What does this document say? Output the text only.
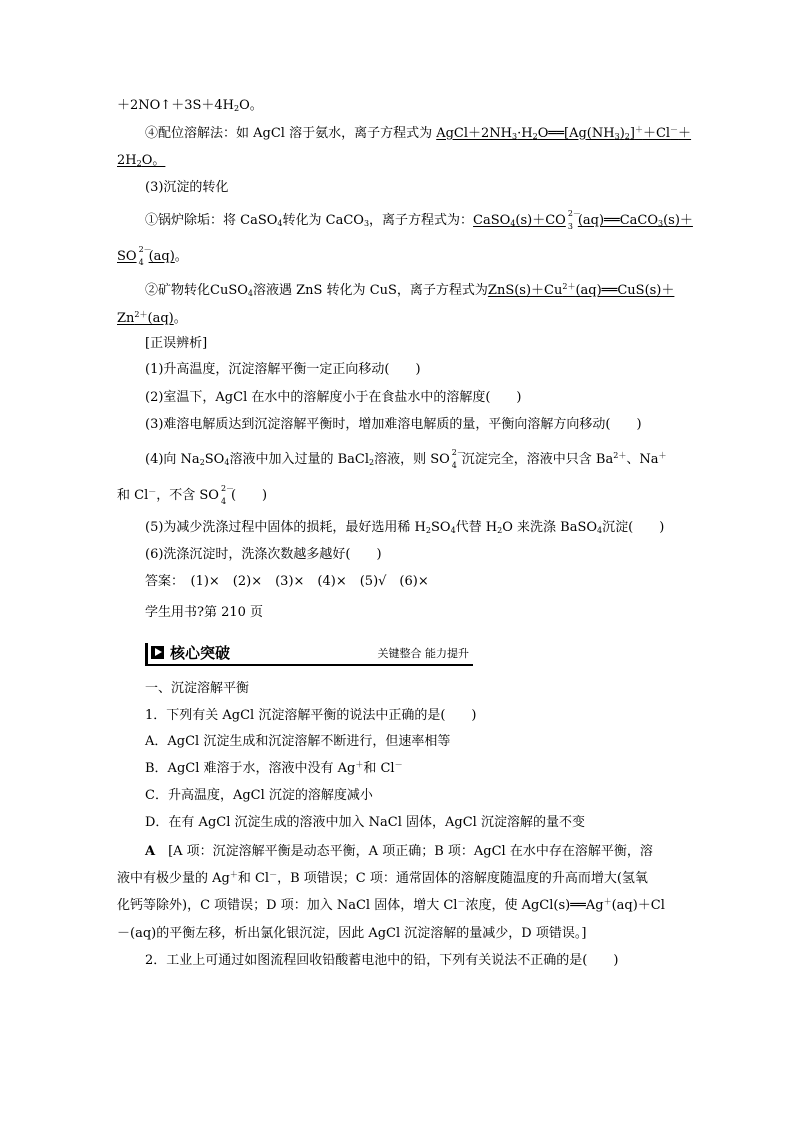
$+2NO↑+3S+4H_2O$。
④配位溶解法：如 AgCl 溶于氨水，离子方程式为 $AgCl+2NH_3\cdot H_2O══[Ag(NH_3)_2]^++Cl^-+$
$2H_2O$。
(3)沉淀的转化
①锅炉除垢：将 CaSO$_4$转化为 CaCO$_3$，离子方程式为：CaSO$_4$(s)＋CO 2－
3 (aq)══CaCO$_3$(s)＋
SO 2－
4 (aq)。
②矿物转化CuSO$_4$溶液遇 ZnS 转化为 CuS，离子方程式为$ZnS(s)+Cu^{2+}(aq)══CuS(s)+$
$Zn^{2+}(aq)$。
[正误辨析]
(1)升高温度，沉淀溶解平衡一定正向移动(　　)
(2)室温下，AgCl 在水中的溶解度小于在食盐水中的溶解度(　　)
(3)难溶电解质达到沉淀溶解平衡时，增加难溶电解质的量，平衡向溶解方向移动(　　)
(4)向 $Na_2SO_4$溶液中加入过量的 BaCl$_2$溶液，则 SO 2－
4 沉淀完全，溶液中只含 $Ba^{2+}$、Na＋
和 Cl－，不含 SO 2－
4 (　　)
(5)为减少洗涤过程中固体的损耗，最好选用稀 $H_2SO_4$代替 $H_2O$ 来洗涤 BaSO$_4$沉淀(　　)
(6)洗涤沉淀时，洗涤次数越多越好(　　)
答案：　(1)×　(2)×　(3)×　(4)×　(5)√　(6)×
学生用书?第 210 页
核心突破	关键整合 能力提升
一、沉淀溶解平衡
1．下列有关 AgCl 沉淀溶解平衡的说法中正确的是(　　)
A．AgCl 沉淀生成和沉淀溶解不断进行，但速率相等
B．AgCl 难溶于水，溶液中没有 Ag＋和 Cl－
C．升高温度，AgCl 沉淀的溶解度减小
D．在有 AgCl 沉淀生成的溶液中加入 NaCl 固体，AgCl 沉淀溶解的量不变
A　[A 项：沉淀溶解平衡是动态平衡，A 项正确；B 项：AgCl 在水中存在溶解平衡，溶
液中有极少量的 Ag＋和 Cl－，B 项错误；C 项：通常固体的溶解度随温度的升高而增大(氢氧
化钙等除外)，C 项错误；D 项：加入 NaCl 固体，增大 Cl－浓度，使 AgCl(s)══Ag＋(aq)＋Cl
－(aq)的平衡左移，析出氯化银沉淀，因此 AgCl 沉淀溶解的量减少，D 项错误。]
2．工业上可通过如图流程回收铅酸蓄电池中的铅，下列有关说法不正确的是(　　)
